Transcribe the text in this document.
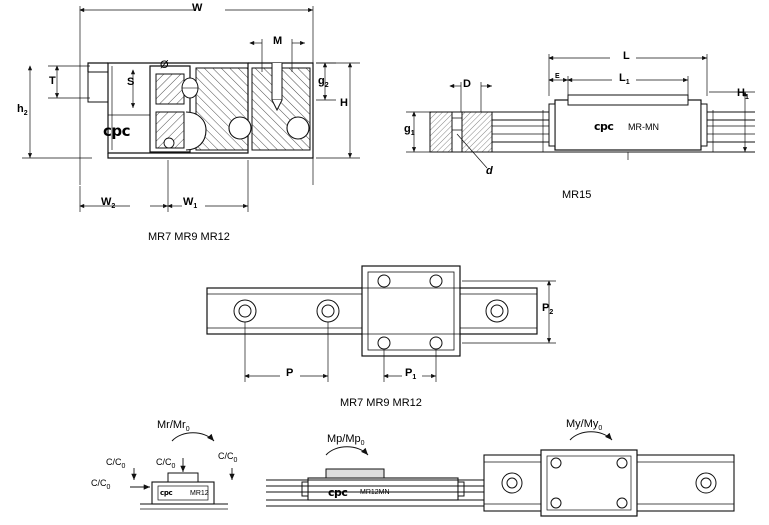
W
M
Ø
S
T
$h_2$
$g_2$
H
$W_2$	$W_1$
cpc
MR7 MR9 MR12
D
d
L
E	$L_1$
$H_1$
$g_1$
cpc MR-MN
MR15
P	$P_1$
$P_2$
MR7 MR9 MR12
$Mr/Mr_0$
$C/C_0$	$C/C_0$
$C/C_0$
$C/C_0$
cpc	MR12
$Mp/Mp_0$
cpc MR12MN
$My/My_0$
